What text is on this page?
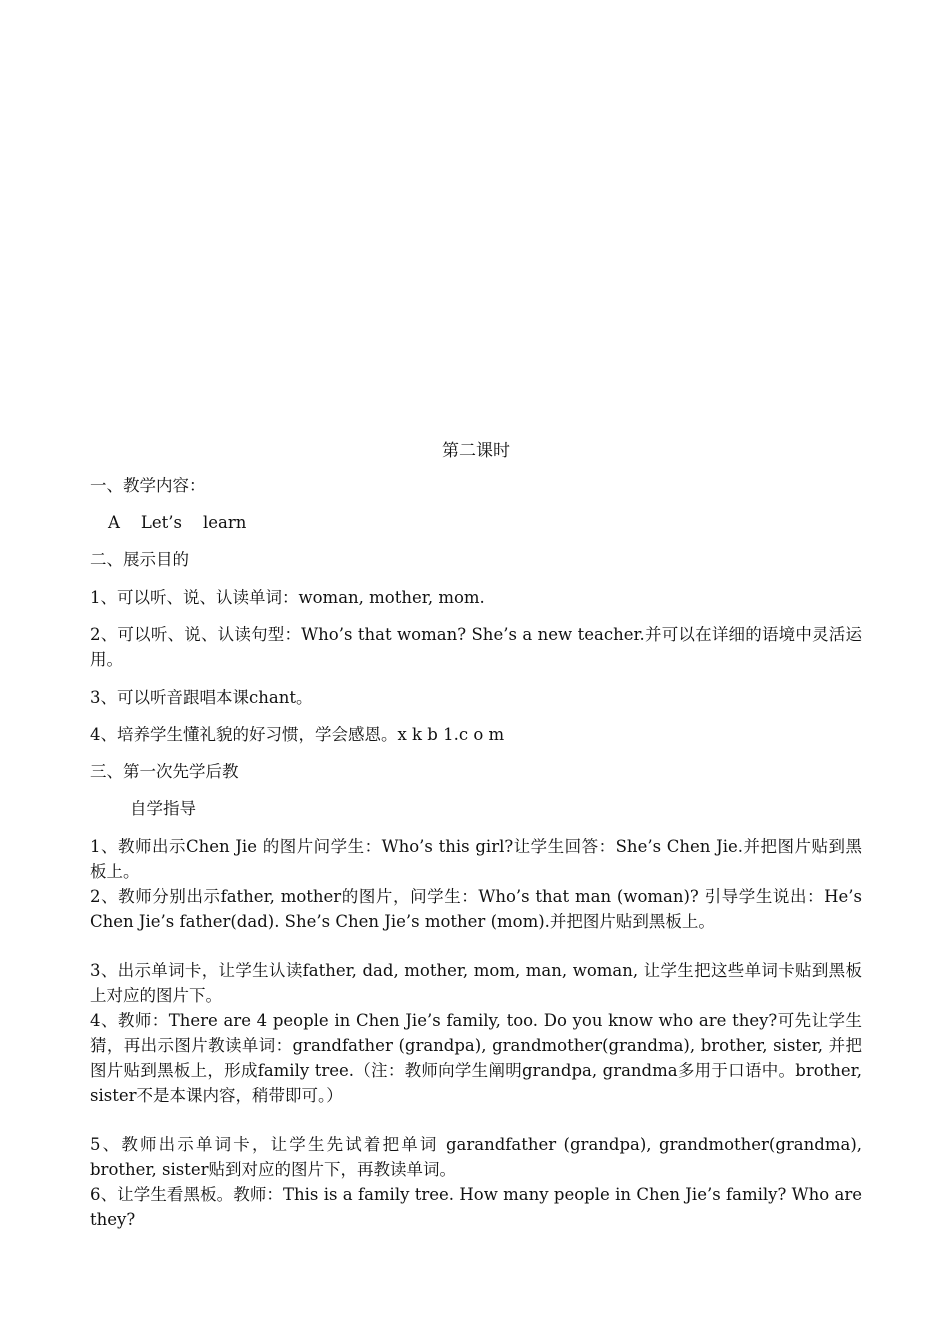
第二课时
一、教学内容：
A    Let’s    learn
二、展示目的
1、可以听、说、认读单词：woman, mother, mom.
2、可以听、说、认读句型：Who’s that woman? She’s a new teacher.并可以在详细的语境中灵活运用。
3、可以听音跟唱本课chant。
4、培养学生懂礼貌的好习惯，学会感恩。x k b 1.c o m
三、第一次先学后教
自学指导
1、教师出示Chen Jie 的图片问学生：Who’s this girl?让学生回答：She’s Chen Jie.并把图片贴到黑板上。
2、教师分别出示father, mother的图片，问学生：Who’s that man (woman)? 引导学生说出：He’s Chen Jie’s father(dad). She’s Chen Jie’s mother (mom).并把图片贴到黑板上。
3、出示单词卡，让学生认读father, dad, mother, mom, man, woman, 让学生把这些单词卡贴到黑板上对应的图片下。
4、教师：There are 4 people in Chen Jie’s family, too. Do you know who are they?可先让学生猜，再出示图片教读单词：grandfather (grandpa), grandmother(grandma), brother, sister, 并把图片贴到黑板上，形成family tree.（注：教师向学生阐明grandpa, grandma多用于口语中。brother, sister不是本课内容，稍带即可。）
5、教师出示单词卡，让学生先试着把单词 garandfather (grandpa), grandmother(grandma), brother, sister贴到对应的图片下，再教读单词。
6、让学生看黑板。教师：This is a family tree. How many people in Chen Jie’s family? Who are they?
